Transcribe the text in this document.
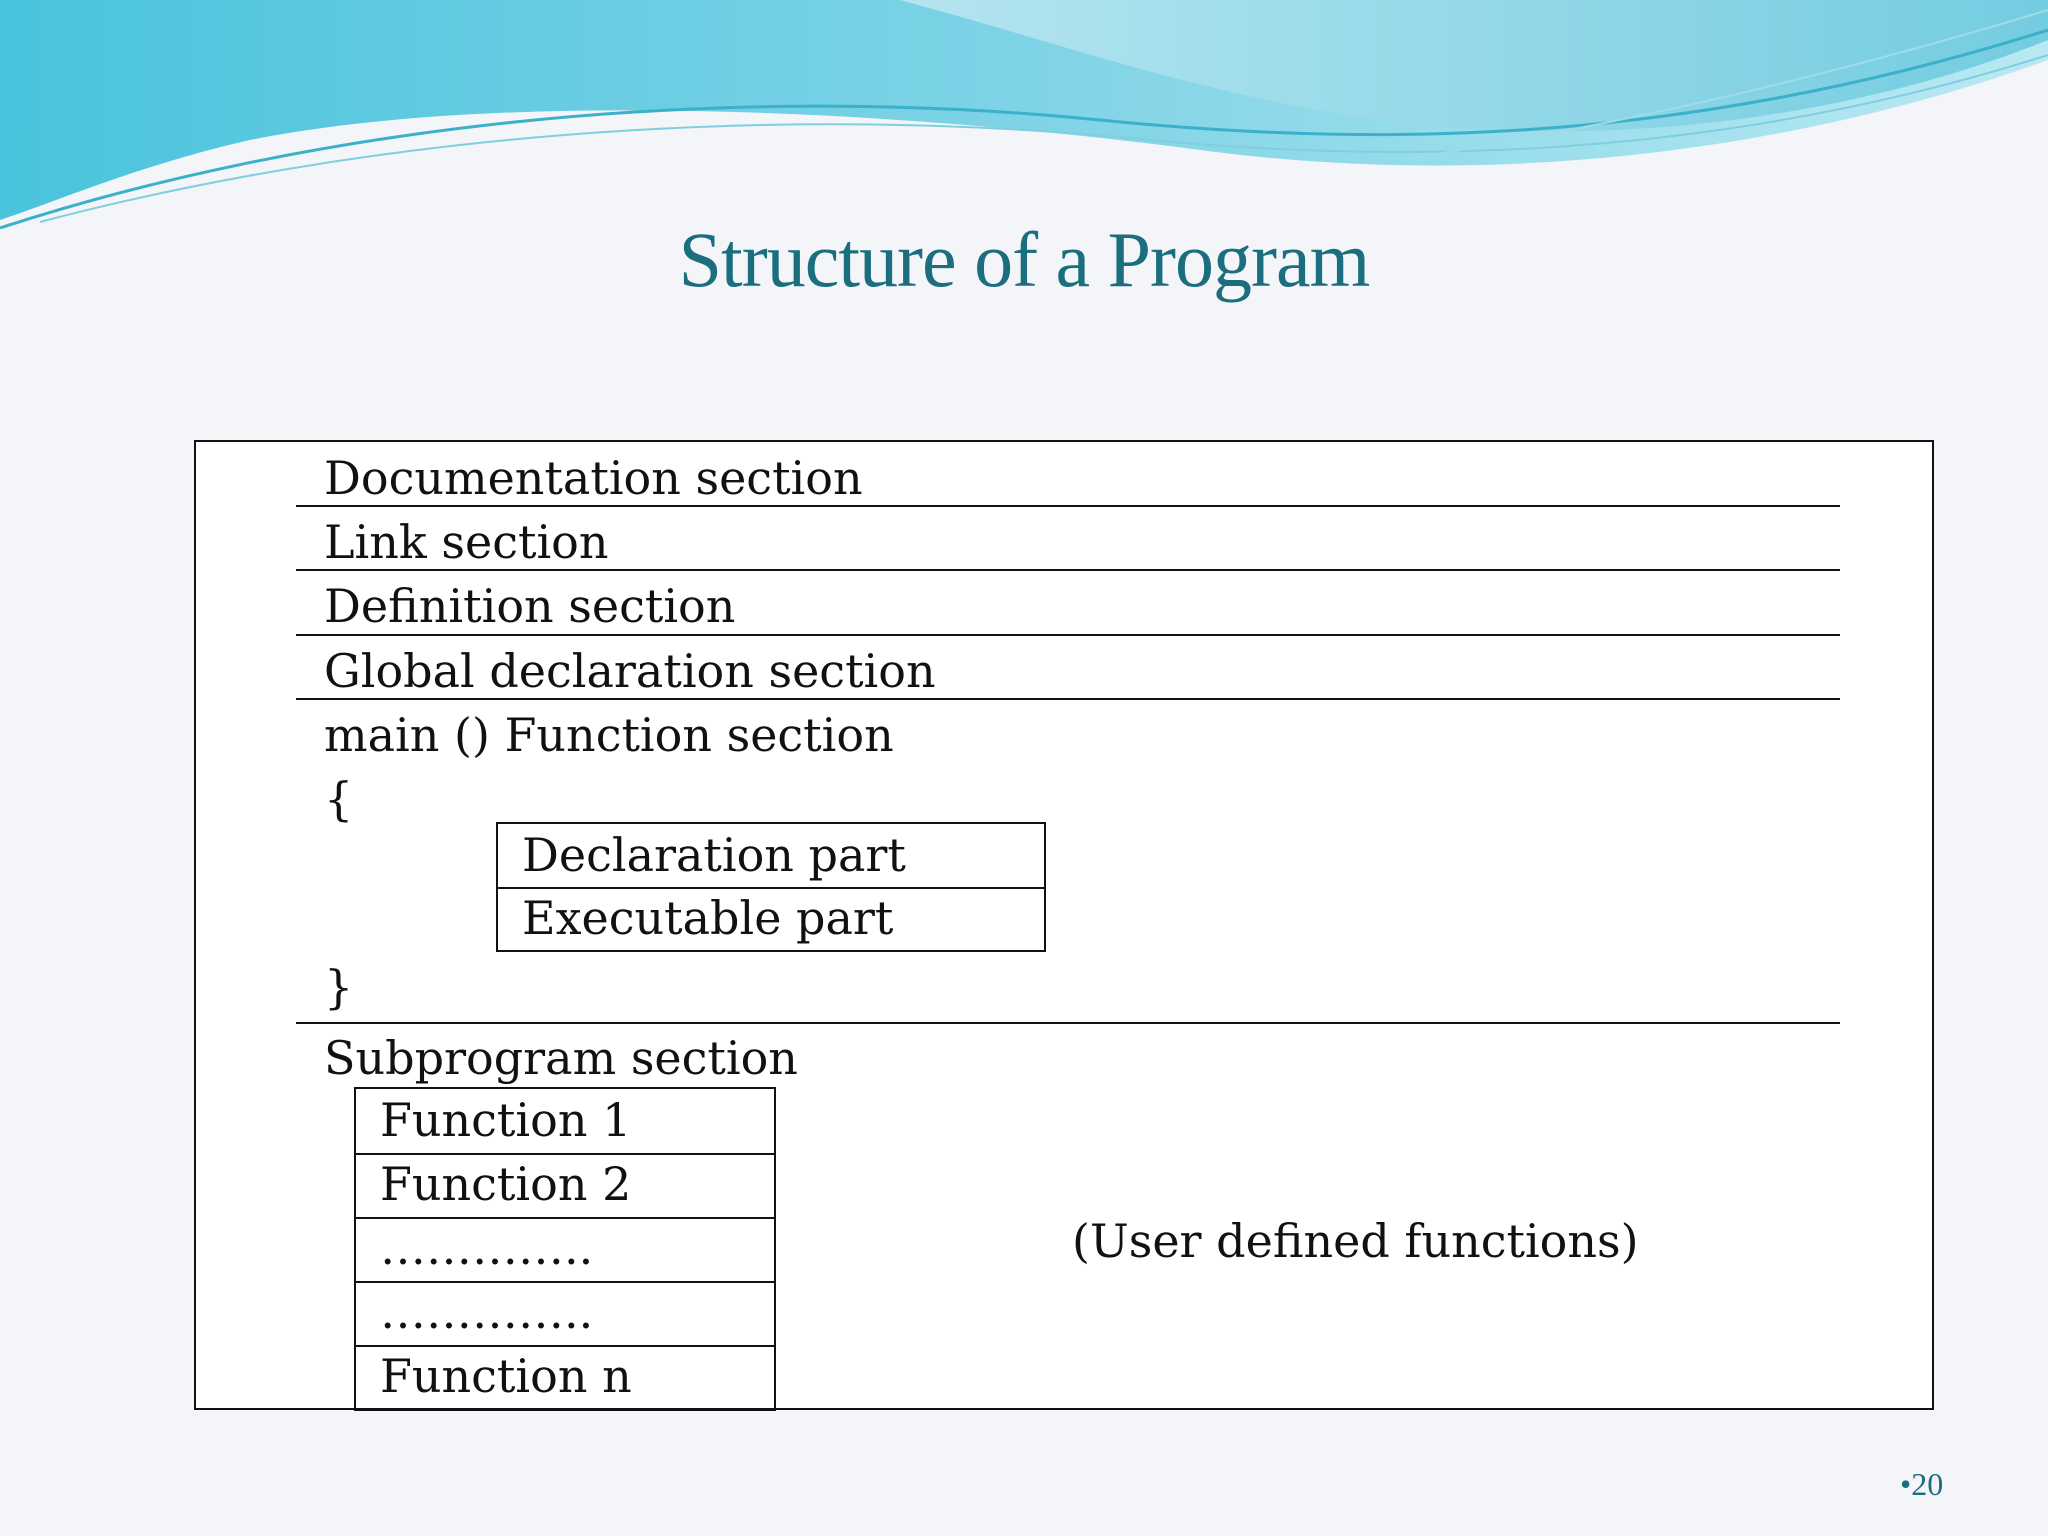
Structure of a Program
Documentation section
Link section
Definition section
Global declaration section
main () Function section
{
Declaration part
Executable part
}
Subprogram section
Function 1
Function 2
…………..
…………..
Function n
(User defined functions)
•20
